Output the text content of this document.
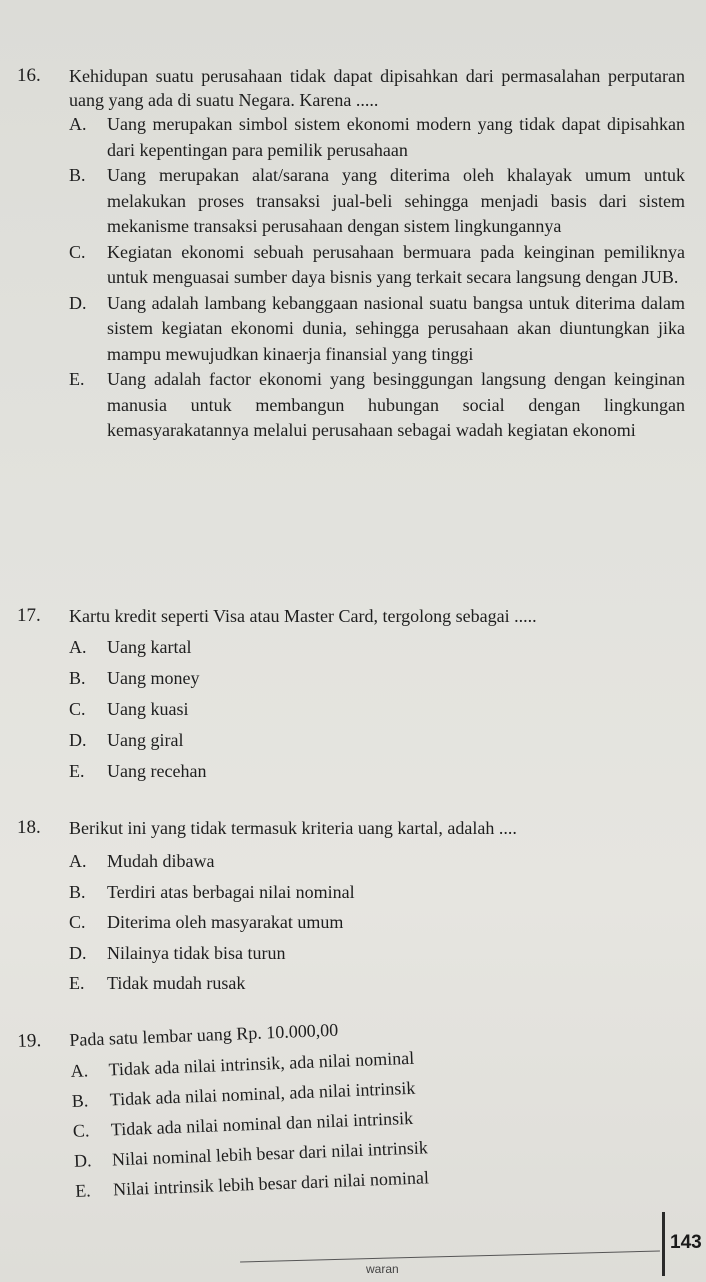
16.	Kehidupan suatu perusahaan tidak dapat dipisahkan dari permasalahan perputaran uang yang ada di suatu Negara. Karena .....
A.	Uang merupakan simbol sistem ekonomi modern yang tidak dapat dipisahkan dari kepentingan para pemilik perusahaan
B.	Uang merupakan alat/sarana yang diterima oleh khalayak umum untuk melakukan proses transaksi jual-beli sehingga menjadi basis dari sistem mekanisme transaksi perusahaan dengan sistem lingkungannya
C.	Kegiatan ekonomi sebuah perusahaan bermuara pada keinginan pemiliknya untuk menguasai sumber daya bisnis yang terkait secara langsung dengan JUB.
D.	Uang adalah lambang kebanggaan nasional suatu bangsa untuk diterima dalam sistem kegiatan ekonomi dunia, sehingga perusahaan akan diuntungkan jika mampu mewujudkan kinaerja finansial yang tinggi
E.	Uang adalah factor ekonomi yang besinggungan langsung dengan keinginan manusia untuk membangun hubungan social dengan lingkungan kemasyarakatannya melalui perusahaan sebagai wadah kegiatan ekonomi
17.	Kartu kredit seperti Visa atau Master Card, tergolong sebagai .....
A.	Uang kartal
B.	Uang money
C.	Uang kuasi
D.	Uang giral
E.	Uang recehan
18.	Berikut ini yang tidak termasuk kriteria uang kartal, adalah ....
A.	Mudah dibawa
B.	Terdiri atas berbagai nilai nominal
C.	Diterima oleh masyarakat umum
D.	Nilainya tidak bisa turun
E.	Tidak mudah rusak
19.	Pada satu lembar uang Rp. 10.000,00
A.	Tidak ada nilai intrinsik, ada nilai nominal
B.	Tidak ada nilai nominal, ada nilai intrinsik
C.	Tidak ada nilai nominal dan nilai intrinsik
D.	Nilai nominal lebih besar dari nilai intrinsik
E.	Nilai intrinsik lebih besar dari nilai nominal
143
waran
